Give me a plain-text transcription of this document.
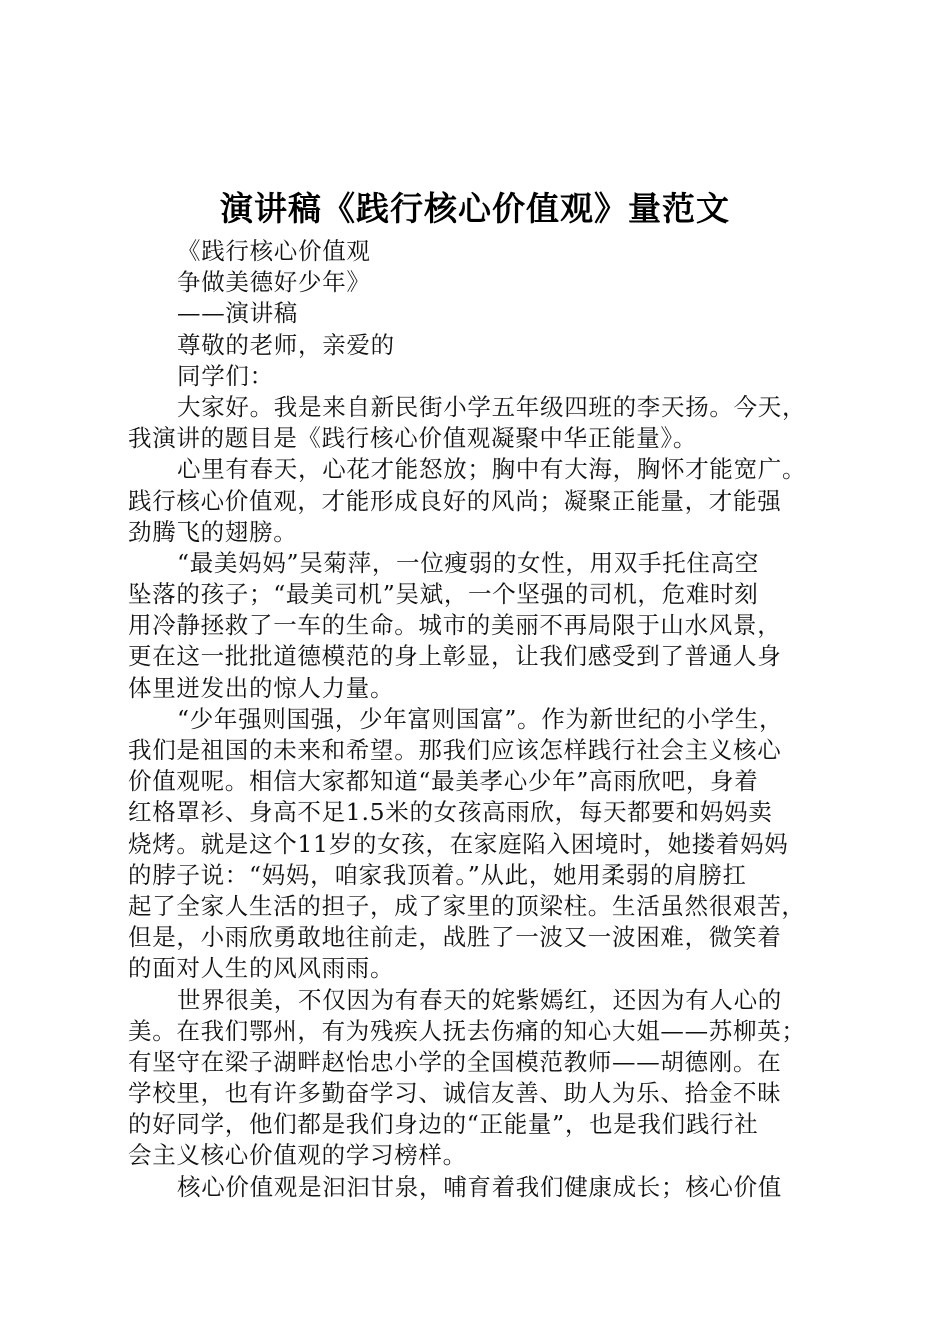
演讲稿《践行核心价值观》量范文
《践行核心价值观
争做美德好少年》
——演讲稿
尊敬的老师，亲爱的
同学们：
大家好。我是来自新民街小学五年级四班的李天扬。今天，
我演讲的题目是《践行核心价值观凝聚中华正能量》。
心里有春天，心花才能怒放；胸中有大海，胸怀才能宽广。
践行核心价值观，才能形成良好的风尚；凝聚正能量，才能强
劲腾飞的翅膀。
“最美妈妈”吴菊萍，一位瘦弱的女性，用双手托住高空
坠落的孩子；“最美司机”吴斌，一个坚强的司机，危难时刻
用冷静拯救了一车的生命。城市的美丽不再局限于山水风景，
更在这一批批道德模范的身上彰显，让我们感受到了普通人身
体里迸发出的惊人力量。
“少年强则国强，少年富则国富”。作为新世纪的小学生，
我们是祖国的未来和希望。那我们应该怎样践行社会主义核心
价值观呢。相信大家都知道“最美孝心少年”高雨欣吧，身着
红格罩衫、身高不足1.5米的女孩高雨欣，每天都要和妈妈卖
烧烤。就是这个11岁的女孩，在家庭陷入困境时，她搂着妈妈
的脖子说：“妈妈，咱家我顶着。”从此，她用柔弱的肩膀扛
起了全家人生活的担子，成了家里的顶梁柱。生活虽然很艰苦，
但是，小雨欣勇敢地往前走，战胜了一波又一波困难，微笑着
的面对人生的风风雨雨。
世界很美，不仅因为有春天的姹紫嫣红，还因为有人心的
美。在我们鄂州，有为残疾人抚去伤痛的知心大姐——苏柳英；
有坚守在梁子湖畔赵怡忠小学的全国模范教师——胡德刚。在
学校里，也有许多勤奋学习、诚信友善、助人为乐、拾金不昧
的好同学，他们都是我们身边的“正能量”，也是我们践行社
会主义核心价值观的学习榜样。
核心价值观是汩汩甘泉，哺育着我们健康成长；核心价值
